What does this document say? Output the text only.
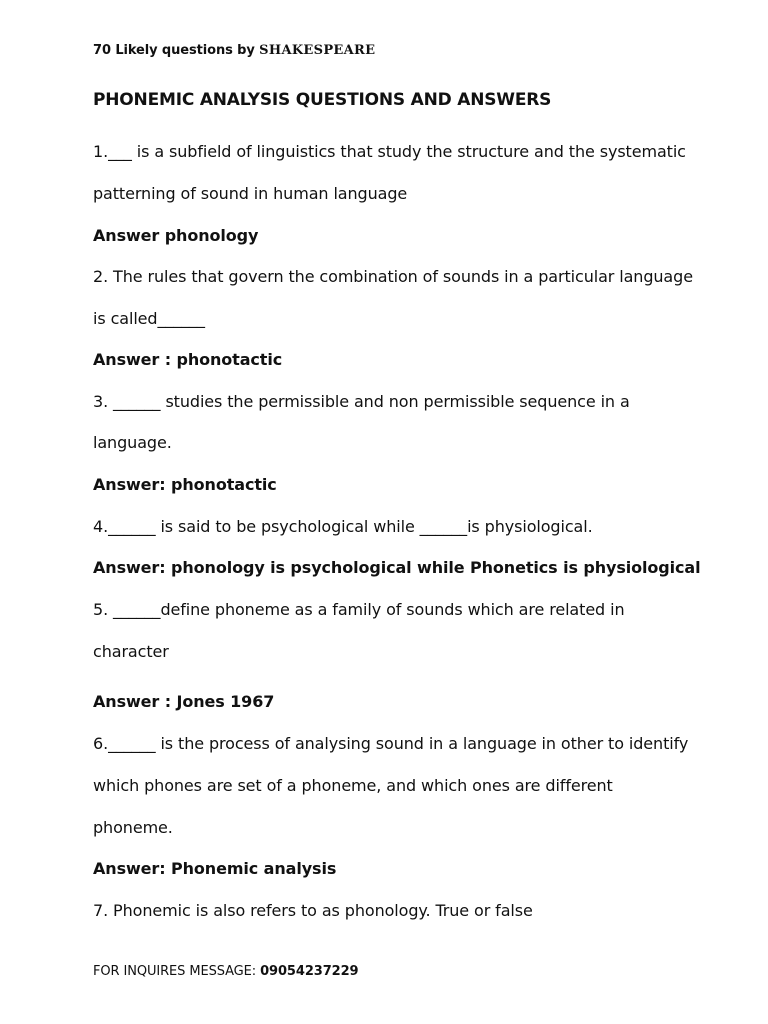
70 Likely questions by SHAKESPEARE
PHONEMIC ANALYSIS QUESTIONS AND ANSWERS
1.___ is a subfield of linguistics that study the structure and the systematic
patterning of sound in human language
Answer phonology
2. The rules that govern the combination of sounds in a particular language
is called______
Answer : phonotactic
3. ______ studies the permissible and non permissible sequence in a
language.
Answer: phonotactic
4.______ is said to be psychological while ______is physiological.
Answer: phonology is psychological while Phonetics is physiological
5. ______define phoneme as a family of sounds which are related in
character
Answer : Jones 1967
6.______ is the process of analysing sound in a language in other to identify
which phones are set of a phoneme, and which ones are different
phoneme.
Answer: Phonemic analysis
7. Phonemic is also refers to as phonology. True or false
FOR INQUIRES MESSAGE: 09054237229
